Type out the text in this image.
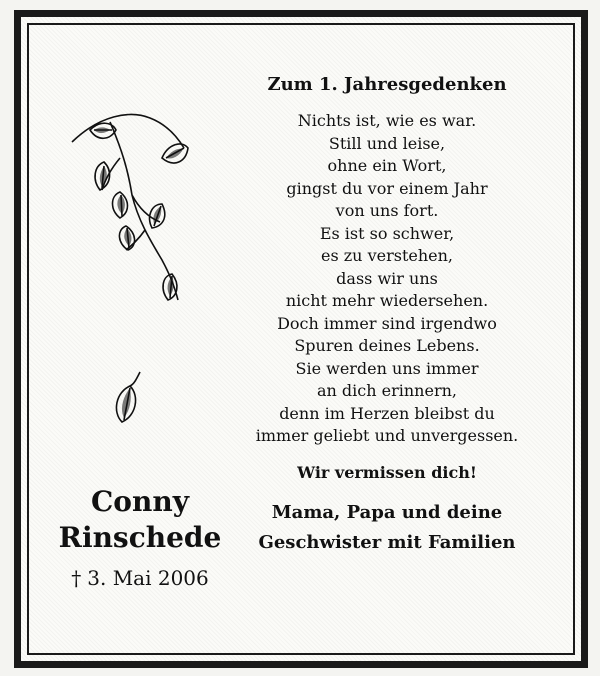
Conny
Rinschede
† 3. Mai 2006
Zum 1. Jahresgedenken
Nichts ist, wie es war.
Still und leise,
ohne ein Wort,
gingst du vor einem Jahr
von uns fort.
Es ist so schwer,
es zu verstehen,
dass wir uns
nicht mehr wiedersehen.
Doch immer sind irgendwo
Spuren deines Lebens.
Sie werden uns immer
an dich erinnern,
denn im Herzen bleibst du
immer geliebt und unvergessen.
Wir vermissen dich!
Mama, Papa und deine
Geschwister mit Familien
